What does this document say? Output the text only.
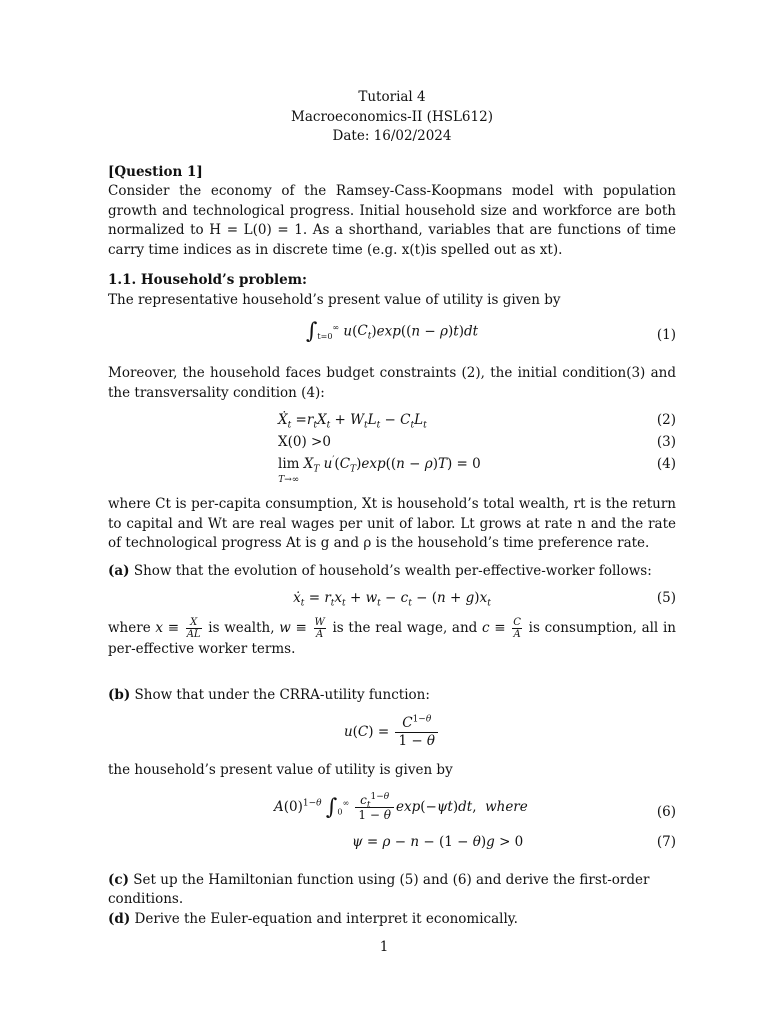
Tutorial 4
Macroeconomics-II (HSL612)
Date: 16/02/2024
[Question 1]
Consider the economy of the Ramsey-Cass-Koopmans model with population growth and technological progress. Initial household size and workforce are both normalized to H = L(0) = 1. As a shorthand, variables that are functions of time carry time indices as in discrete time (e.g. x(t)is spelled out as xt).
1.1. Household’s problem:
The representative household’s present value of utility is given by
$\int_{t=0}^\infty$ $u(C_t)\exp((n - \rho)t)dt$	(1)
Moreover, the household faces budget constraints (2), the initial condition(3) and the transversality condition (4):
Ẋ$_t$ $=r_tX_t + W_tL_t - C_tL_t$	(2)
X(0) >0	(3)
lim
T→∞
$X_T$ $u'(C_T)\exp((n - \rho)T) = 0$	(4)
where Ct is per-capita consumption, Xt is household’s total wealth, rt is the return to capital and Wt are real wages per unit of labor. Lt grows at rate n and the rate of technological progress At is g and ρ is the household’s time preference rate.
(a) Show that the evolution of household’s wealth per-effective-worker follows:
ẋ$_t$ = $r_tx_t + w_t - c_t - (n + g)x_t$	(5)
where $x \equiv \frac{X}{AL}$ is wealth, $w \equiv \frac{W}{A}$ is the real wage, and $c \equiv \frac{C}{A}$ is consumption, all in per-effective worker terms.
(b) Show that under the CRRA-utility function:
$u(C) = \frac{C^{1-\theta}}{1 - \theta}$
the household’s present value of utility is given by
$A(0)^{1-\theta}$ $\int_0^\infty \frac{c_t^{1-\theta}}{1 - \theta} \exp(-\psi t)dt$,  where	(6)
ψ = ρ − n − (1 − θ)g > 0	(7)
(c) Set up the Hamiltonian function using (5) and (6) and derive the first-order conditions.
(d) Derive the Euler-equation and interpret it economically.
1
